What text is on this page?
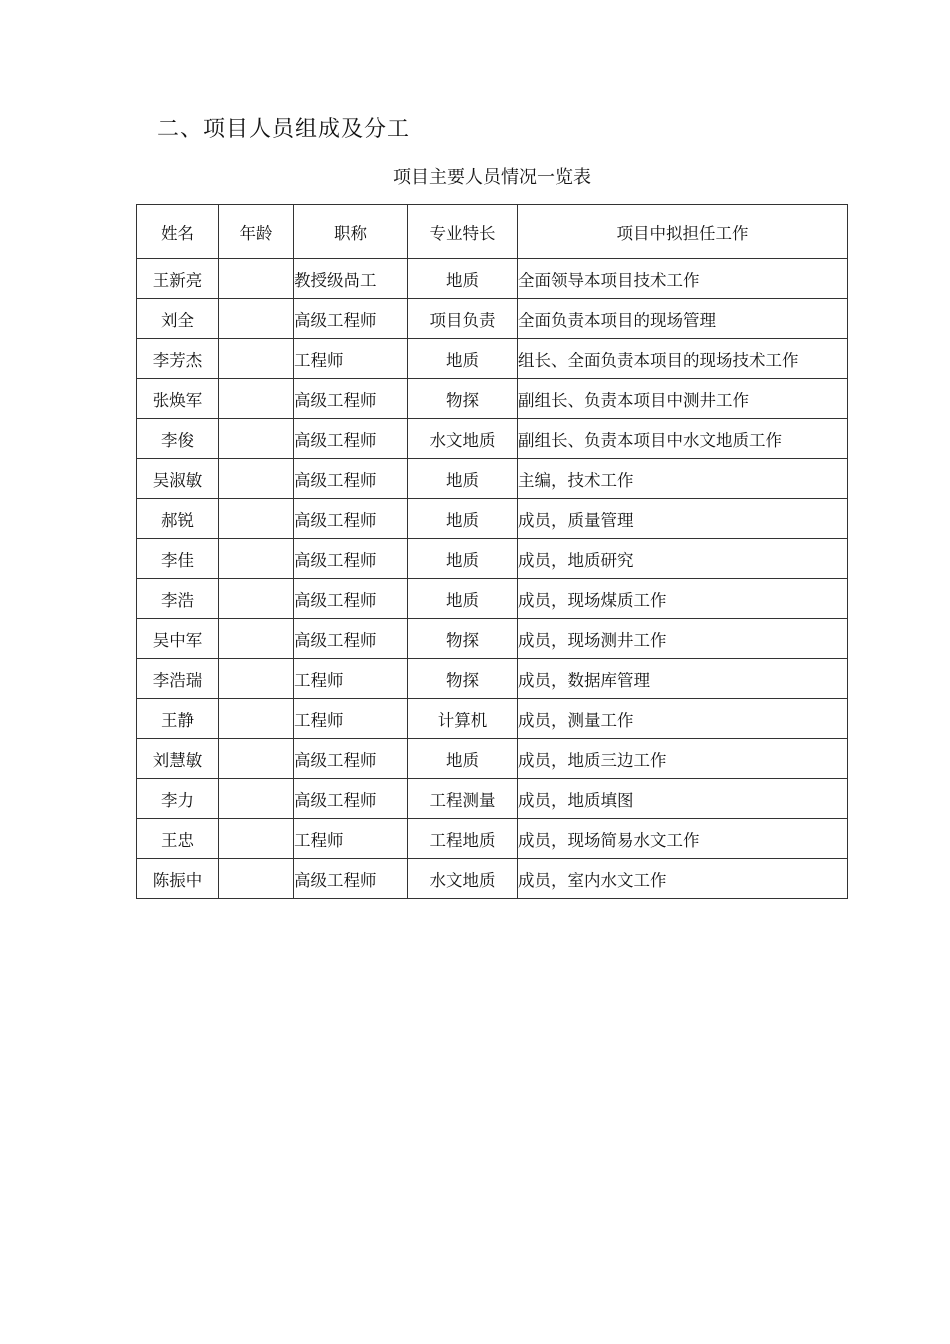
二、项目人员组成及分工

项目主要人员情况一览表

姓名	年龄	职称	专业特长	项目中拟担任工作
王新亮		教授级咼工	地质	全面领导本项目技术工作
刘全		高级工程师	项目负责	全面负责本项目的现场管理
李芳杰		工程师	地质	组长、全面负责本项目的现场技术工作
张焕军		高级工程师	物探	副组长、负责本项目中测井工作
李俊		高级工程师	水文地质	副组长、负责本项目中水文地质工作
吴淑敏		高级工程师	地质	主编，技术工作
郝锐		高级工程师	地质	成员，质量管理
李佳		高级工程师	地质	成员，地质研究
李浩		高级工程师	地质	成员，现场煤质工作
吴中军		高级工程师	物探	成员，现场测井工作
李浩瑞		工程师	物探	成员，数据库管理
王静		工程师	计算机	成员，测量工作
刘慧敏		高级工程师	地质	成员，地质三边工作
李力		高级工程师	工程测量	成员，地质填图
王忠		工程师	工程地质	成员，现场简易水文工作
陈振中		高级工程师	水文地质	成员，室内水文工作
